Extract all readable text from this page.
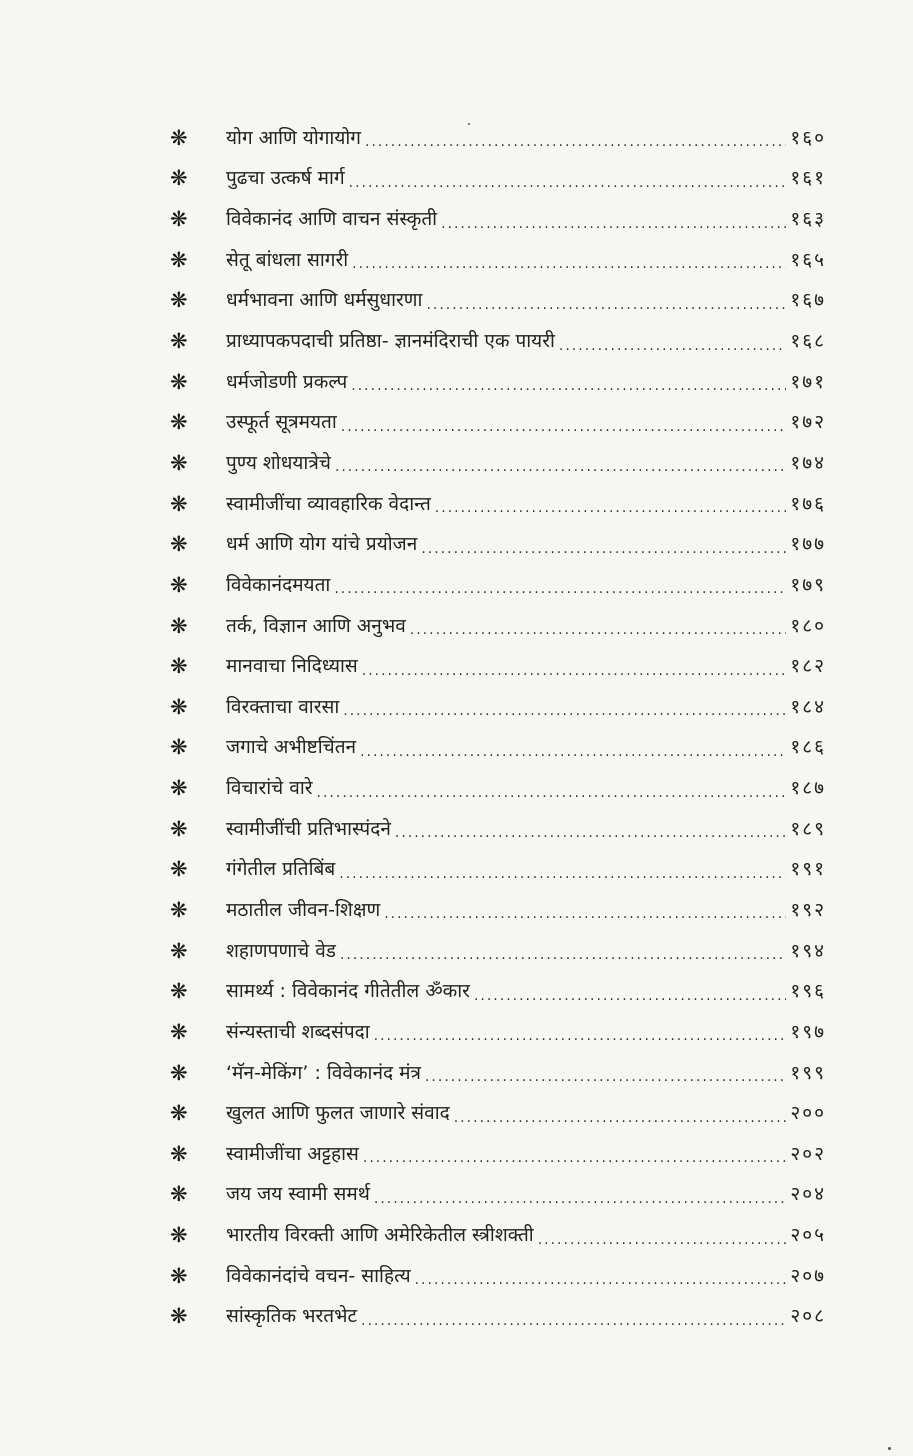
❋	योग आणि योगायोग .....	१६०
❋	पुढचा उत्कर्ष मार्ग .....	१६१
❋	विवेकानंद आणि वाचन संस्कृती .....	१६३
❋	सेतू बांधला सागरी .....	१६५
❋	धर्मभावना आणि धर्मसुधारणा .....	१६७
❋	प्राध्यापकपदाची प्रतिष्ठा- ज्ञानमंदिराची एक पायरी .....	१६८
❋	धर्मजोडणी प्रकल्प .....	१७१
❋	उस्फूर्त सूत्रमयता .....	१७२
❋	पुण्य शोधयात्रेचे .....	१७४
❋	स्वामीजींचा व्यावहारिक वेदान्त .....	१७६
❋	धर्म आणि योग यांचे प्रयोजन .....	१७७
❋	विवेकानंदमयता .....	१७९
❋	तर्क, विज्ञान आणि अनुभव .....	१८०
❋	मानवाचा निदिध्यास .....	१८२
❋	विरक्ताचा वारसा .....	१८४
❋	जगाचे अभीष्टचिंतन .....	१८६
❋	विचारांचे वारे .....	१८७
❋	स्वामीजींची प्रतिभास्पंदने .....	१८९
❋	गंगेतील प्रतिबिंब .....	१९१
❋	मठातील जीवन-शिक्षण .....	१९२
❋	शहाणपणाचे वेड .....	१९४
❋	सामर्थ्य : विवेकानंद गीतेतील ॐकार .....	१९६
❋	संन्यस्ताची शब्दसंपदा .....	१९७
❋	‘मॅन-मेकिंग’ : विवेकानंद मंत्र .....	१९९
❋	खुलत आणि फुलत जाणारे संवाद .....	२००
❋	स्वामीजींचा अट्टहास .....	२०२
❋	जय जय स्वामी समर्थ .....	२०४
❋	भारतीय विरक्ती आणि अमेरिकेतील स्त्रीशक्ती .....	२०५
❋	विवेकानंदांचे वचन- साहित्य .....	२०७
❋	सांस्कृतिक भरतभेट .....	२०८
